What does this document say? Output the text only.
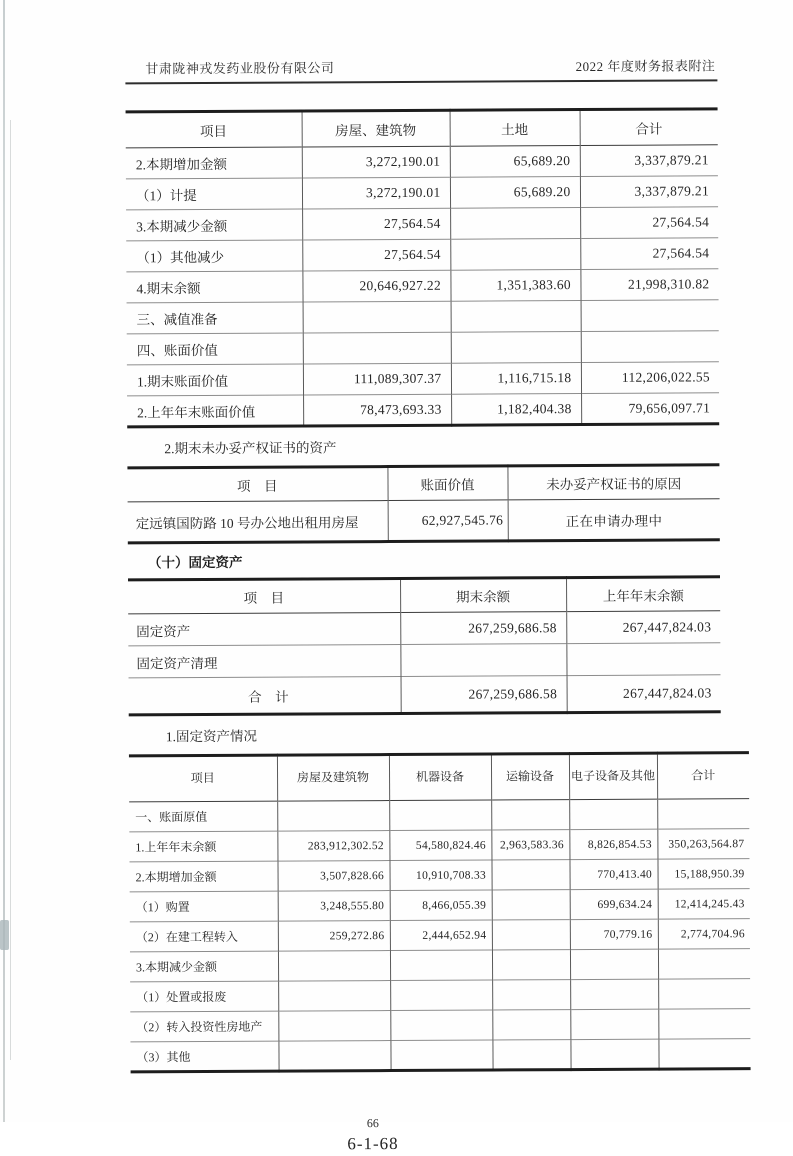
甘肃陇神戎发药业股份有限公司	2022 年度财务报表附注
项目	房屋、建筑物	土地	合计
2.本期增加金额	3,272,190.01	65,689.20	3,337,879.21
（1）计提	3,272,190.01	65,689.20	3,337,879.21
3.本期减少金额	27,564.54		27,564.54
（1）其他减少	27,564.54		27,564.54
4.期末余额	20,646,927.22	1,351,383.60	21,998,310.82
三、减值准备			
四、账面价值			
1.期末账面价值	111,089,307.37	1,116,715.18	112,206,022.55
2.上年年末账面价值	78,473,693.33	1,182,404.38	79,656,097.71

2.期末未办妥产权证书的资产

项　目	账面价值	未办妥产权证书的原因
定远镇国防路 10 号办公地出租用房屋	62,927,545.76	正在申请办理中

（十）固定资产

项　目	期末余额	上年年末余额
固定资产	267,259,686.58	267,447,824.03
固定资产清理		
合　计	267,259,686.58	267,447,824.03

1.固定资产情况

项目	房屋及建筑物	机器设备	运输设备	电子设备及其他	合计
一、账面原值					
1.上年年末余额	283,912,302.52	54,580,824.46	2,963,583.36	8,826,854.53	350,263,564.87
2.本期增加金额	3,507,828.66	10,910,708.33		770,413.40	15,188,950.39
（1）购置	3,248,555.80	8,466,055.39		699,634.24	12,414,245.43
（2）在建工程转入	259,272.86	2,444,652.94		70,779.16	2,774,704.96
3.本期减少金额					
（1）处置或报废					
（2）转入投资性房地产					
（3）其他					
66
6-1-68
